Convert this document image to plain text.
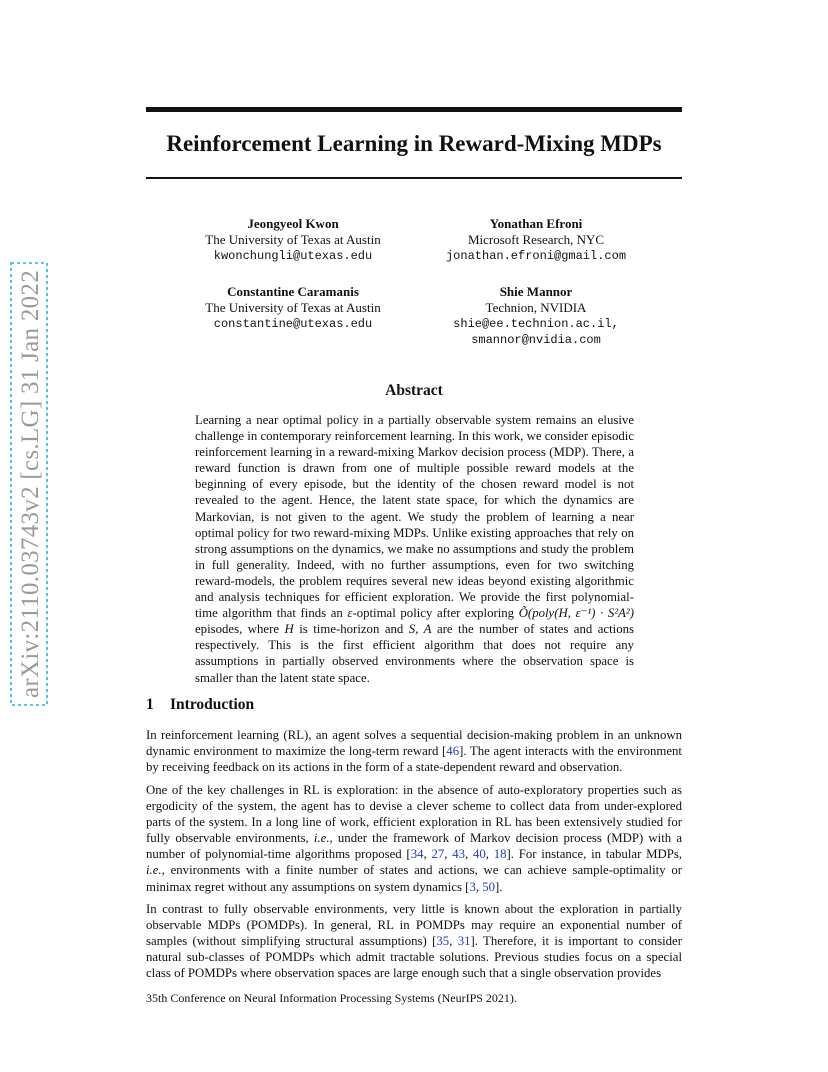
arXiv:2110.03743v2 [cs.LG] 31 Jan 2022
Reinforcement Learning in Reward-Mixing MDPs
Jeongyeol Kwon
The University of Texas at Austin
kwonchungli@utexas.edu
Yonathan Efroni
Microsoft Research, NYC
jonathan.efroni@gmail.com
Constantine Caramanis
The University of Texas at Austin
constantine@utexas.edu
Shie Mannor
Technion, NVIDIA
shie@ee.technion.ac.il,
smannor@nvidia.com
Abstract

Learning a near optimal policy in a partially observable system remains an elusive challenge in contemporary reinforcement learning. In this work, we consider episodic reinforcement learning in a reward-mixing Markov decision process (MDP). There, a reward function is drawn from one of multiple possible reward models at the beginning of every episode, but the identity of the chosen reward model is not revealed to the agent. Hence, the latent state space, for which the dynamics are Markovian, is not given to the agent. We study the problem of learning a near optimal policy for two reward-mixing MDPs. Unlike existing approaches that rely on strong assumptions on the dynamics, we make no assumptions and study the problem in full generality. Indeed, with no further assumptions, even for two switching reward-models, the problem requires several new ideas beyond existing algorithmic and analysis techniques for efficient exploration. We provide the first polynomial-time algorithm that finds an ε-optimal policy after exploring Õ(poly(H, ε⁻¹) · S²A²) episodes, where H is time-horizon and S, A are the number of states and actions respectively. This is the first efficient algorithm that does not require any assumptions in partially observed environments where the observation space is smaller than the latent state space.

1 Introduction

In reinforcement learning (RL), an agent solves a sequential decision-making problem in an unknown dynamic environment to maximize the long-term reward [46]. The agent interacts with the environment by receiving feedback on its actions in the form of a state-dependent reward and observation.

One of the key challenges in RL is exploration: in the absence of auto-exploratory properties such as ergodicity of the system, the agent has to devise a clever scheme to collect data from under-explored parts of the system. In a long line of work, efficient exploration in RL has been extensively studied for fully observable environments, i.e., under the framework of Markov decision process (MDP) with a number of polynomial-time algorithms proposed [34, 27, 43, 40, 18]. For instance, in tabular MDPs, i.e., environments with a finite number of states and actions, we can achieve sample-optimality or minimax regret without any assumptions on system dynamics [3, 50].

In contrast to fully observable environments, very little is known about the exploration in partially observable MDPs (POMDPs). In general, RL in POMDPs may require an exponential number of samples (without simplifying structural assumptions) [35, 31]. Therefore, it is important to consider natural sub-classes of POMDPs which admit tractable solutions. Previous studies focus on a special class of POMDPs where observation spaces are large enough such that a single observation provides

35th Conference on Neural Information Processing Systems (NeurIPS 2021).
